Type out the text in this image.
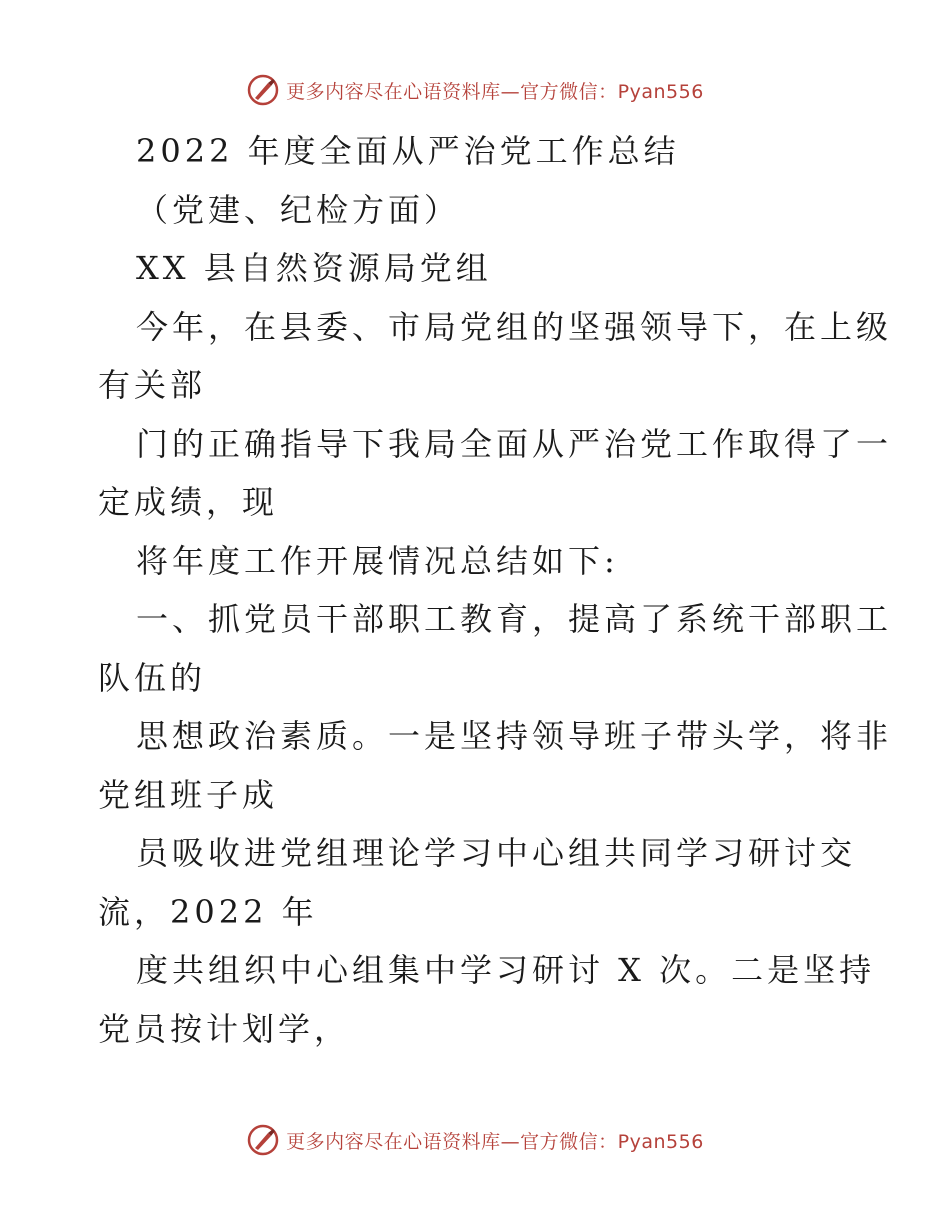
更多内容尽在心语资料库—官方微信：Pyan556
2022 年度全面从严治党工作总结
（党建、纪检方面）
XX 县自然资源局党组
今年，在县委、市局党组的坚强领导下，在上级
有关部
门的正确指导下我局全面从严治党工作取得了一
定成绩，现
将年度工作开展情况总结如下:
一、抓党员干部职工教育，提高了系统干部职工
队伍的
思想政治素质。一是坚持领导班子带头学，将非
党组班子成
员吸收进党组理论学习中心组共同学习研讨交
流，2022 年
度共组织中心组集中学习研讨 X 次。二是坚持
党员按计划学，
更多内容尽在心语资料库—官方微信：Pyan556
